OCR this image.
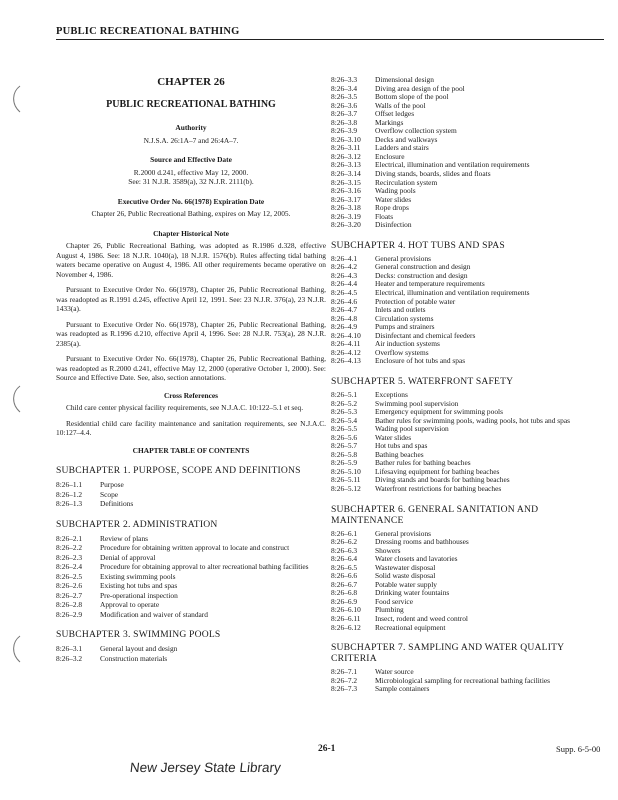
PUBLIC RECREATIONAL BATHING
CHAPTER 26
PUBLIC RECREATIONAL BATHING
Authority
N.J.S.A. 26:1A–7 and 26:4A–7.
Source and Effective Date
R.2000 d.241, effective May 12, 2000.
See: 31 N.J.R. 3589(a), 32 N.J.R. 2111(b).
Executive Order No. 66(1978) Expiration Date
Chapter 26, Public Recreational Bathing, expires on May 12, 2005.
Chapter Historical Note
Chapter 26, Public Recreational Bathing, was adopted as R.1986 d.328, effective August 4, 1986. See: 18 N.J.R. 1040(a), 18 N.J.R. 1576(b). Rules affecting tidal bathing waters became operative on August 4, 1986. All other requirements became operative on November 4, 1986.
Pursuant to Executive Order No. 66(1978), Chapter 26, Public Recreational Bathing, was readopted as R.1991 d.245, effective April 12, 1991. See: 23 N.J.R. 376(a), 23 N.J.R. 1433(a).
Pursuant to Executive Order No. 66(1978), Chapter 26, Public Recreational Bathing, was readopted as R.1996 d.210, effective April 4, 1996. See: 28 N.J.R. 753(a), 28 N.J.R. 2385(a).
Pursuant to Executive Order No. 66(1978), Chapter 26, Public Recreational Bathing, was readopted as R.2000 d.241, effective May 12, 2000 (operative October 1, 2000). See: Source and Effective Date. See, also, section annotations.
Cross References
Child care center physical facility requirements, see N.J.A.C. 10:122–5.1 et seq.
Residential child care facility maintenance and sanitation requirements, see N.J.A.C. 10:127–4.4.
CHAPTER TABLE OF CONTENTS
SUBCHAPTER 1. PURPOSE, SCOPE AND DEFINITIONS
8:26–1.1	Purpose
8:26–1.2	Scope
8:26–1.3	Definitions
SUBCHAPTER 2. ADMINISTRATION
8:26–2.1	Review of plans
8:26–2.2	Procedure for obtaining written approval to locate and construct
8:26–2.3	Denial of approval
8:26–2.4	Procedure for obtaining approval to alter recreational bathing facilities
8:26–2.5	Existing swimming pools
8:26–2.6	Existing hot tubs and spas
8:26–2.7	Pre-operational inspection
8:26–2.8	Approval to operate
8:26–2.9	Modification and waiver of standard
SUBCHAPTER 3. SWIMMING POOLS
8:26–3.1	General layout and design
8:26–3.2	Construction materials
8:26–3.3	Dimensional design
8:26–3.4	Diving area design of the pool
8:26–3.5	Bottom slope of the pool
8:26–3.6	Walls of the pool
8:26–3.7	Offset ledges
8:26–3.8	Markings
8:26–3.9	Overflow collection system
8:26–3.10	Decks and walkways
8:26–3.11	Ladders and stairs
8:26–3.12	Enclosure
8:26–3.13	Electrical, illumination and ventilation requirements
8:26–3.14	Diving stands, boards, slides and floats
8:26–3.15	Recirculation system
8:26–3.16	Wading pools
8:26–3.17	Water slides
8:26–3.18	Rope drops
8:26–3.19	Floats
8:26–3.20	Disinfection
SUBCHAPTER 4. HOT TUBS AND SPAS
8:26–4.1	General provisions
8:26–4.2	General construction and design
8:26–4.3	Decks: construction and design
8:26–4.4	Heater and temperature requirements
8:26–4.5	Electrical, illumination and ventilation requirements
8:26–4.6	Protection of potable water
8:26–4.7	Inlets and outlets
8:26–4.8	Circulation systems
8:26–4.9	Pumps and strainers
8:26–4.10	Disinfectant and chemical feeders
8:26–4.11	Air induction systems
8:26–4.12	Overflow systems
8:26–4.13	Enclosure of hot tubs and spas
SUBCHAPTER 5. WATERFRONT SAFETY
8:26–5.1	Exceptions
8:26–5.2	Swimming pool supervision
8:26–5.3	Emergency equipment for swimming pools
8:26–5.4	Bather rules for swimming pools, wading pools, hot tubs and spas
8:26–5.5	Wading pool supervision
8:26–5.6	Water slides
8:26–5.7	Hot tubs and spas
8:26–5.8	Bathing beaches
8:26–5.9	Bather rules for bathing beaches
8:26–5.10	Lifesaving equipment for bathing beaches
8:26–5.11	Diving stands and boards for bathing beaches
8:26–5.12	Waterfront restrictions for bathing beaches
SUBCHAPTER 6. GENERAL SANITATION AND MAINTENANCE
8:26–6.1	General provisions
8:26–6.2	Dressing rooms and bathhouses
8:26–6.3	Showers
8:26–6.4	Water closets and lavatories
8:26–6.5	Wastewater disposal
8:26–6.6	Solid waste disposal
8:26–6.7	Potable water supply
8:26–6.8	Drinking water fountains
8:26–6.9	Food service
8:26–6.10	Plumbing
8:26–6.11	Insect, rodent and weed control
8:26–6.12	Recreational equipment
SUBCHAPTER 7. SAMPLING AND WATER QUALITY CRITERIA
8:26–7.1	Water source
8:26–7.2	Microbiological sampling for recreational bathing facilities
8:26–7.3	Sample containers
26-1	Supp. 6-5-00
New Jersey State Library
